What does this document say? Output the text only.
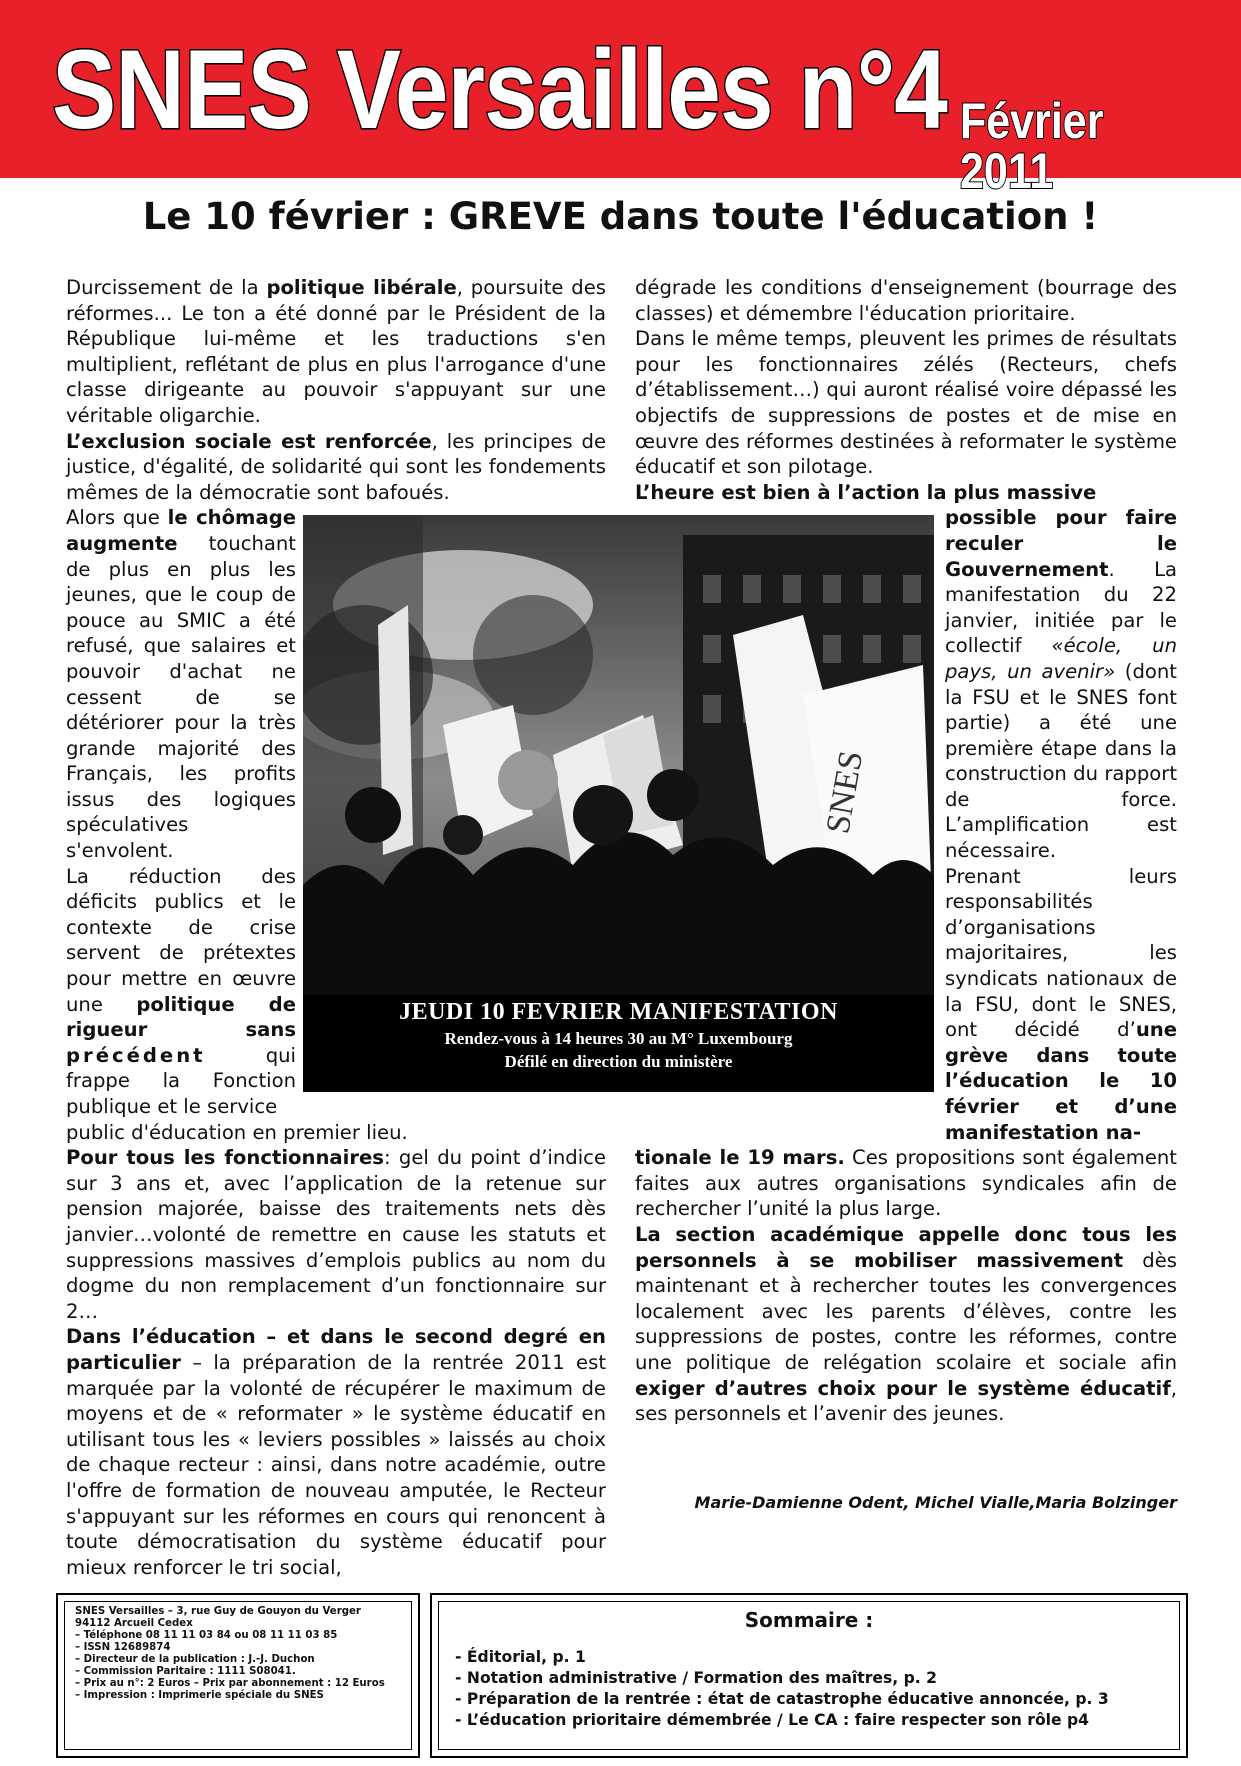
SNES Versailles n°4 Février 2011
Le 10 février : GREVE dans toute l'éducation !

Durcissement de la politique libérale, poursuite des réformes... Le ton a été donné par le Président de la République lui-même et les traductions s'en multiplient, reflétant de plus en plus l'arrogance d'une classe dirigeante au pouvoir s'appuyant sur une véritable oligarchie.

L’exclusion sociale est renforcée, les principes de justice, d'égalité, de solidarité qui sont les fondements mêmes de la démocratie sont bafoués.

Alors que le chômage augmente touchant de plus en plus les jeunes, que le coup de pouce au SMIC a été refusé, que salaires et pouvoir d'achat ne cessent de se détériorer pour la très grande majorité des Français, les profits issus des logiques spéculatives s'envolent.

La réduction des déficits publics et le contexte de crise servent de prétextes pour mettre en œuvre une politique de rigueur sans précédent qui frappe la Fonction publique et le service

public d'éducation en premier lieu.

Pour tous les fonctionnaires: gel du point d’indice sur 3 ans et, avec l’application de la retenue sur pension majorée, baisse des traitements nets dès janvier…volonté de remettre en cause les statuts et suppressions massives d’emplois publics au nom du dogme du non remplacement d’un fonctionnaire sur 2…

Dans l’éducation – et dans le second degré en particulier – la préparation de la rentrée 2011 est marquée par la volonté de récupérer le maximum de moyens et de « reformater » le système éducatif en utilisant tous les « leviers possibles » laissés au choix de chaque recteur : ainsi, dans notre académie, outre l'offre de formation de nouveau amputée, le Recteur s'appuyant sur les réformes en cours qui renoncent à toute démocratisation du système éducatif pour mieux renforcer le tri social,

dégrade les conditions d'enseignement (bourrage des classes) et démembre l'éducation prioritaire.

Dans le même temps, pleuvent les primes de résultats pour les fonctionnaires zélés (Recteurs, chefs d’établissement…) qui auront réalisé voire dépassé les objectifs de suppressions de postes et de mise en œuvre des réformes destinées à reformater le système éducatif et son pilotage.

L’heure est bien à l’action la plus massive

possible pour faire reculer le Gouvernement. La manifestation du 22 janvier, initiée par le collectif «école, un pays, un avenir» (dont la FSU et le SNES font partie) a été une première étape dans la construction du rapport de force. L’amplification est nécessaire.

Prenant leurs responsabilités d’organisations majoritaires, les syndicats nationaux de la FSU, dont le SNES, ont décidé d’une grève dans toute l’éducation le 10 février et d’une manifestation na-

tionale le 19 mars. Ces propositions sont également faites aux autres organisations syndicales afin de rechercher l’unité la plus large.

La section académique appelle donc tous les personnels à se mobiliser massivement dès maintenant et à rechercher toutes les convergences localement avec les parents d’élèves, contre les suppressions de postes, contre les réformes, contre une politique de relégation scolaire et sociale afin exiger d’autres choix pour le système éducatif, ses personnels et l’avenir des jeunes.

SNES
JEUDI 10 FEVRIER MANIFESTATION
Rendez-vous à 14 heures 30 au M° Luxembourg
Défilé en direction du ministère
Marie-Damienne Odent, Michel Vialle,Maria Bolzinger
SNES Versailles – 3, rue Guy de Gouyon du Verger
94112 Arcueil Cedex
– Téléphone 08 11 11 03 84 ou 08 11 11 03 85
– ISSN 12689874
– Directeur de la publication : J.-J. Duchon
– Commission Paritaire : 1111 S08041.
– Prix au n°: 2 Euros – Prix par abonnement : 12 Euros
– Impression : Imprimerie spéciale du SNES
Sommaire :
- Éditorial, p. 1
- Notation administrative / Formation des maîtres, p. 2
- Préparation de la rentrée : état de catastrophe éducative annoncée, p. 3
- L’éducation prioritaire démembrée / Le CA : faire respecter son rôle p4
